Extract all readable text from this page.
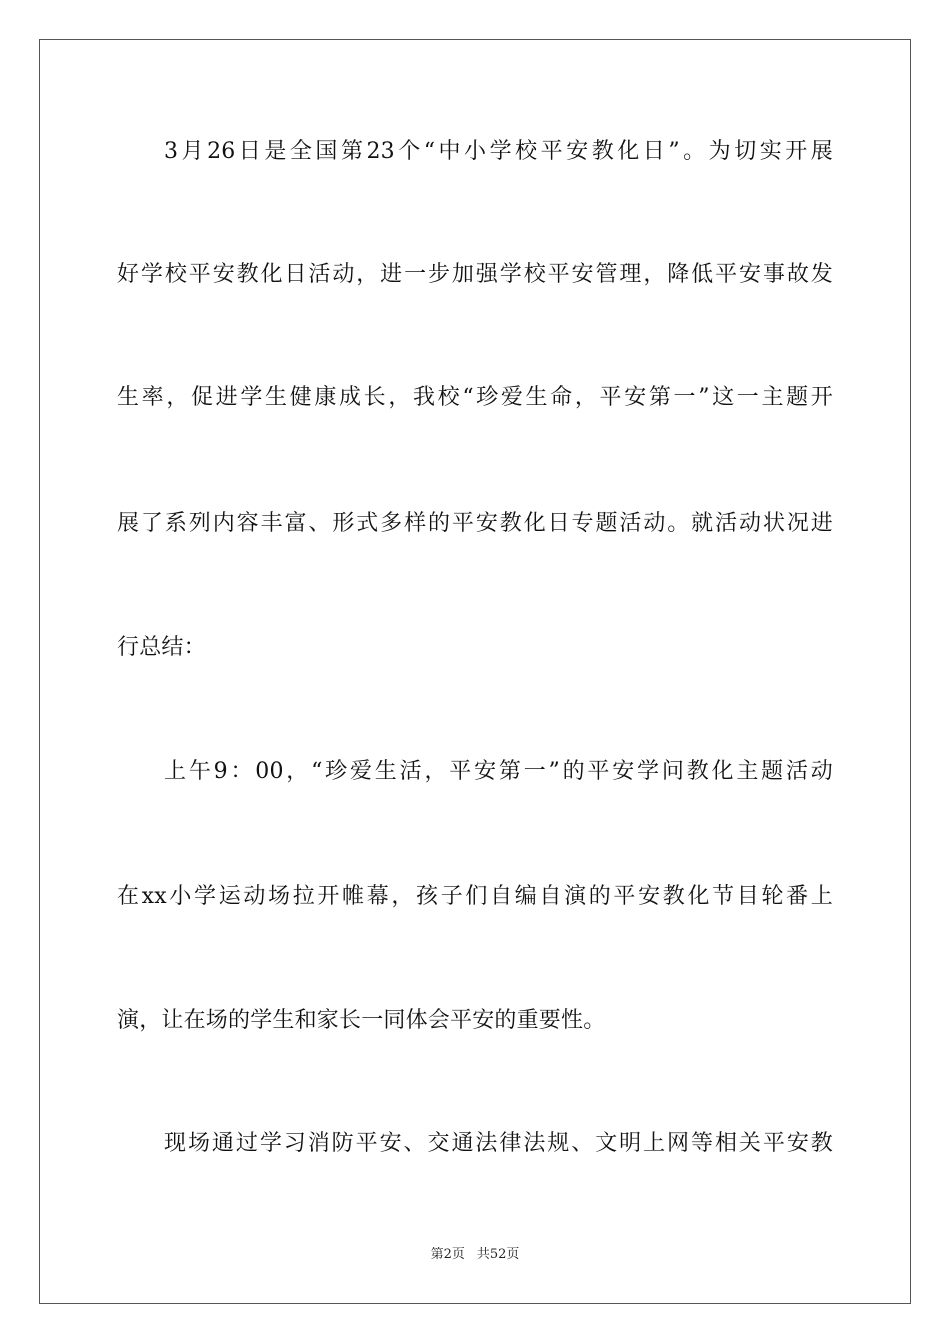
3月26日是全国第23个“中小学校平安教化日”。为切实开展
好学校平安教化日活动，进一步加强学校平安管理，降低平安事故发
生率，促进学生健康成长，我校“珍爱生命，平安第一”这一主题开
展了系列内容丰富、形式多样的平安教化日专题活动。就活动状况进
行总结：
上午9：00，“珍爱生活，平安第一”的平安学问教化主题活动
在xx小学运动场拉开帷幕，孩子们自编自演的平安教化节目轮番上
演，让在场的学生和家长一同体会平安的重要性。
现场通过学习消防平安、交通法律法规、文明上网等相关平安教
第2页 共52页
